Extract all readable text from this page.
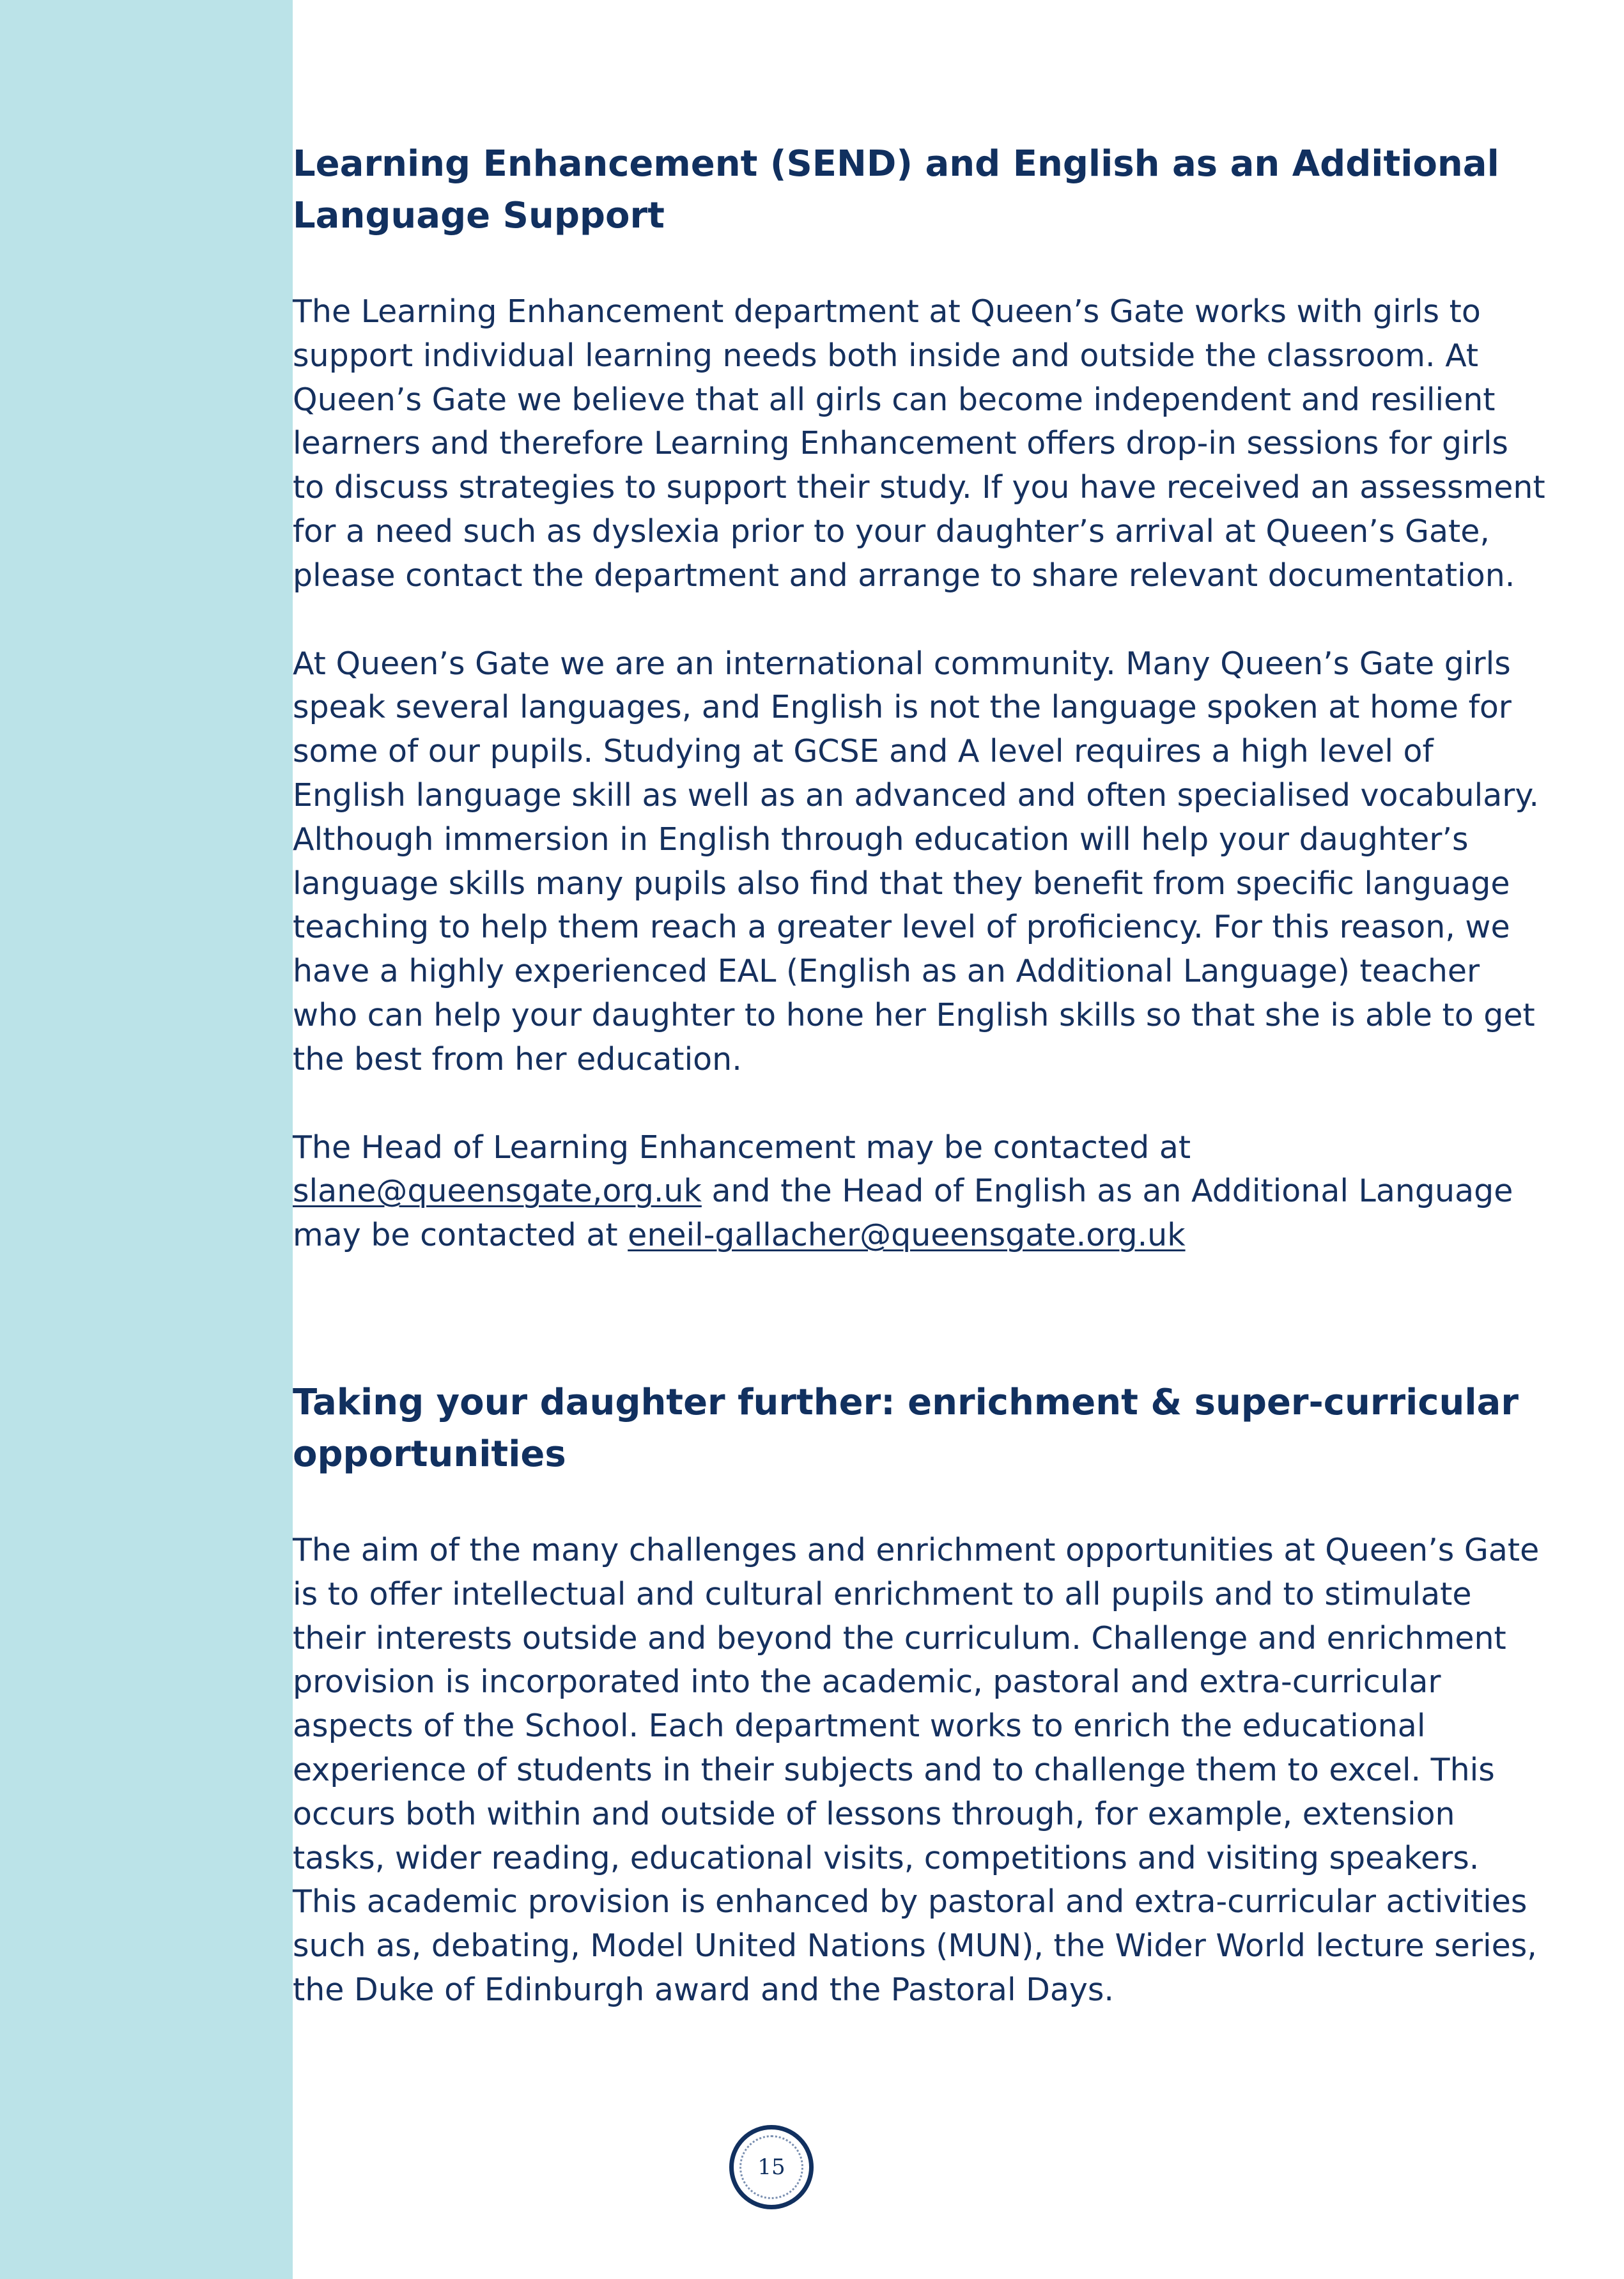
Learning Enhancement (SEND) and English as an Additional Language Support

The Learning Enhancement department at Queen’s Gate works with girls to support individual learning needs both inside and outside the classroom. At Queen’s Gate we believe that all girls can become independent and resilient learners and therefore Learning Enhancement offers drop-in sessions for girls to discuss strategies to support their study. If you have received an assessment for a need such as dyslexia prior to your daughter’s arrival at Queen’s Gate, please contact the department and arrange to share relevant documentation.

At Queen’s Gate we are an international community. Many Queen’s Gate girls speak several languages, and English is not the language spoken at home for some of our pupils. Studying at GCSE and A level requires a high level of English language skill as well as an advanced and often specialised vocabulary. Although immersion in English through education will help your daughter’s language skills many pupils also find that they benefit from specific language teaching to help them reach a greater level of proficiency. For this reason, we have a highly experienced EAL (English as an Additional Language) teacher who can help your daughter to hone her English skills so that she is able to get the best from her education.

The Head of Learning Enhancement may be contacted at
slane@queensgate,org.uk and the Head of English as an Additional Language may be contacted at eneil-gallacher@queensgate.org.uk

Taking your daughter further: enrichment & super-curricular opportunities

The aim of the many challenges and enrichment opportunities at Queen’s Gate is to offer intellectual and cultural enrichment to all pupils and to stimulate their interests outside and beyond the curriculum. Challenge and enrichment provision is incorporated into the academic, pastoral and extra-curricular aspects of the School. Each department works to enrich the educational experience of students in their subjects and to challenge them to excel. This occurs both within and outside of lessons through, for example, extension tasks, wider reading, educational visits, competitions and visiting speakers. This academic provision is enhanced by pastoral and extra-curricular activities such as, debating, Model United Nations (MUN), the Wider World lecture series, the Duke of Edinburgh award and the Pastoral Days.

15
